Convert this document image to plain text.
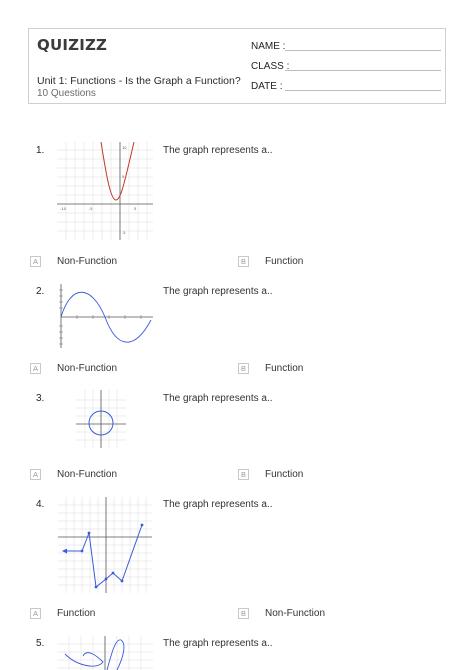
QUIZIZZ
Unit 1: Functions - Is the Graph a Function?
10 Questions
NAME :
CLASS :
DATE :
1.	The graph represents a..
-10	-5	5
10
5
-5
A	Non-Function	B	Function
2.	The graph represents a..
A	Non-Function	B	Function
3.	The graph represents a..
A	Non-Function	B	Function
4.	The graph represents a..
A	Function	B	Non-Function
5.	The graph represents a..
